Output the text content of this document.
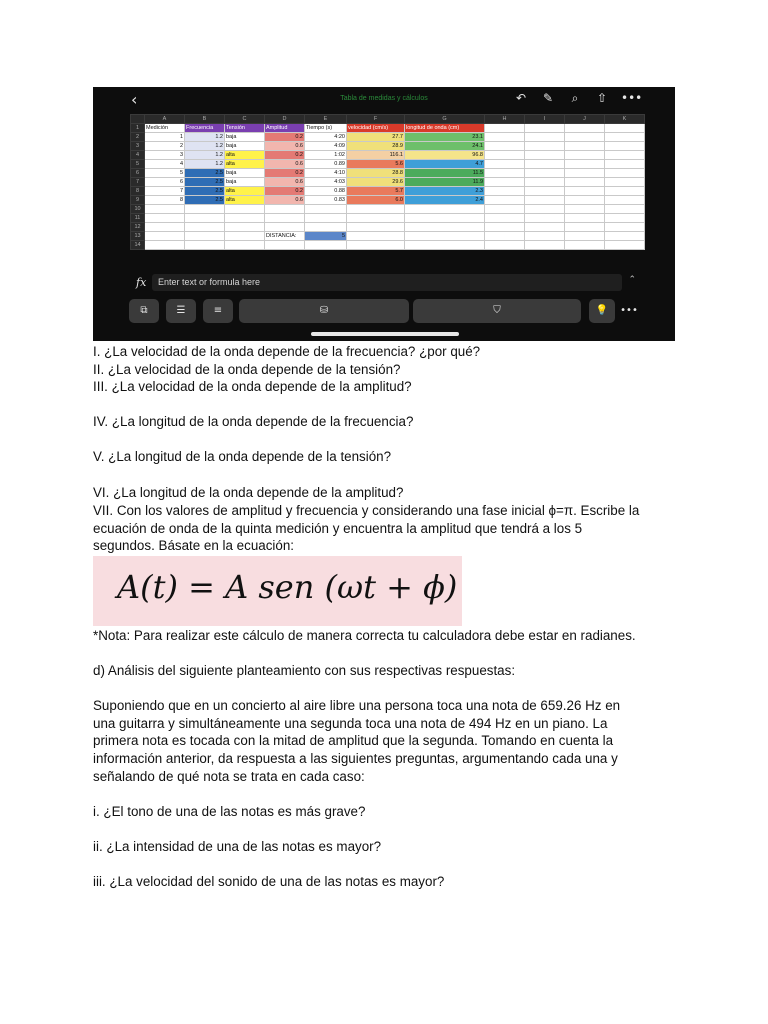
‹	Tabla de medidas y cálculos	↶ ✎	⌕	⇧ •••
	A	B	C	D	E	F	G	H	I	J	K
1	Medición	Frecuencia	Tensión	Amplitud	Tiempo (s)	velocidad (cm/s)	longitud de onda (cm)				
2	1	1.2	baja	0.2	4:20	27.7	23.1				
3	2	1.2	baja	0.6	4:09	28.9	24.1				
4	3	1.2	alta	0.2	1:02	116.1	96.8				
5	4	1.2	alta	0.6	0.89	5.6	4.7				
6	5	2.5	baja	0.2	4:10	28.8	11.5				
7	6	2.5	baja	0.6	4:03	29.6	11.9				
8	7	2.5	alta	0.2	0.88	5.7	2.3				
9	8	2.5	alta	0.6	0.83	6.0	2.4				
10											
11											
12											
13				DISTANCIA:	5						
14											
fx	Enter text or formula here	⌃
⧉	☰	≡	⛁	⛉	💡	•••
I. ¿La velocidad de la onda depende de la frecuencia? ¿por qué?
II. ¿La velocidad de la onda depende de la tensión?
III. ¿La velocidad de la onda depende de la amplitud?
IV. ¿La longitud de la onda depende de la frecuencia?
V. ¿La longitud de la onda depende de la tensión?
VI. ¿La longitud de la onda depende de la amplitud?
VII. Con los valores de amplitud y frecuencia y considerando una fase inicial ϕ=π. Escribe la
ecuación de onda de la quinta medición y encuentra la amplitud que tendrá a los 5
segundos. Básate en la ecuación:
A(t) = A sen (ωt + ϕ)
*Nota: Para realizar este cálculo de manera correcta tu calculadora debe estar en radianes.
d) Análisis del siguiente planteamiento con sus respectivas respuestas:
Suponiendo que en un concierto al aire libre una persona toca una nota de 659.26 Hz en
una guitarra y simultáneamente una segunda toca una nota de 494 Hz en un piano. La
primera nota es tocada con la mitad de amplitud que la segunda. Tomando en cuenta la
información anterior, da respuesta a las siguientes preguntas, argumentando cada una y
señalando de qué nota se trata en cada caso:
i. ¿El tono de una de las notas es más grave?
ii. ¿La intensidad de una de las notas es mayor?
iii. ¿La velocidad del sonido de una de las notas es mayor?
